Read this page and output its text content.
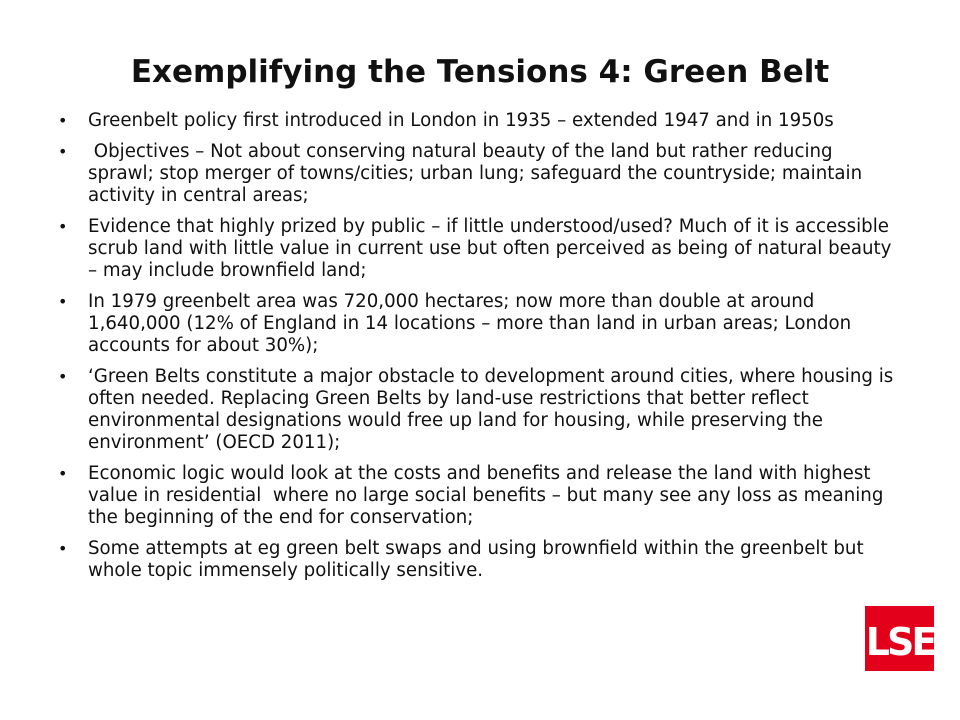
Exemplifying the Tensions 4: Green Belt
• Greenbelt policy first introduced in London in 1935 – extended 1947 and in 1950s
• Objectives – Not about conserving natural beauty of the land but rather reducing sprawl; stop merger of towns/cities; urban lung; safeguard the countryside; maintain activity in central areas;
• Evidence that highly prized by public – if little understood/used? Much of it is accessible scrub land with little value in current use but often perceived as being of natural beauty – may include brownfield land;
• In 1979 greenbelt area was 720,000 hectares; now more than double at around 1,640,000 (12% of England in 14 locations – more than land in urban areas; London accounts for about 30%);
• ‘Green Belts constitute a major obstacle to development around cities, where housing is often needed. Replacing Green Belts by land-use restrictions that better reflect environmental designations would free up land for housing, while preserving the environment’ (OECD 2011);
• Economic logic would look at the costs and benefits and release the land with highest value in residential  where no large social benefits – but many see any loss as meaning the beginning of the end for conservation;
• Some attempts at eg green belt swaps and using brownfield within the greenbelt but whole topic immensely politically sensitive.
LSE
